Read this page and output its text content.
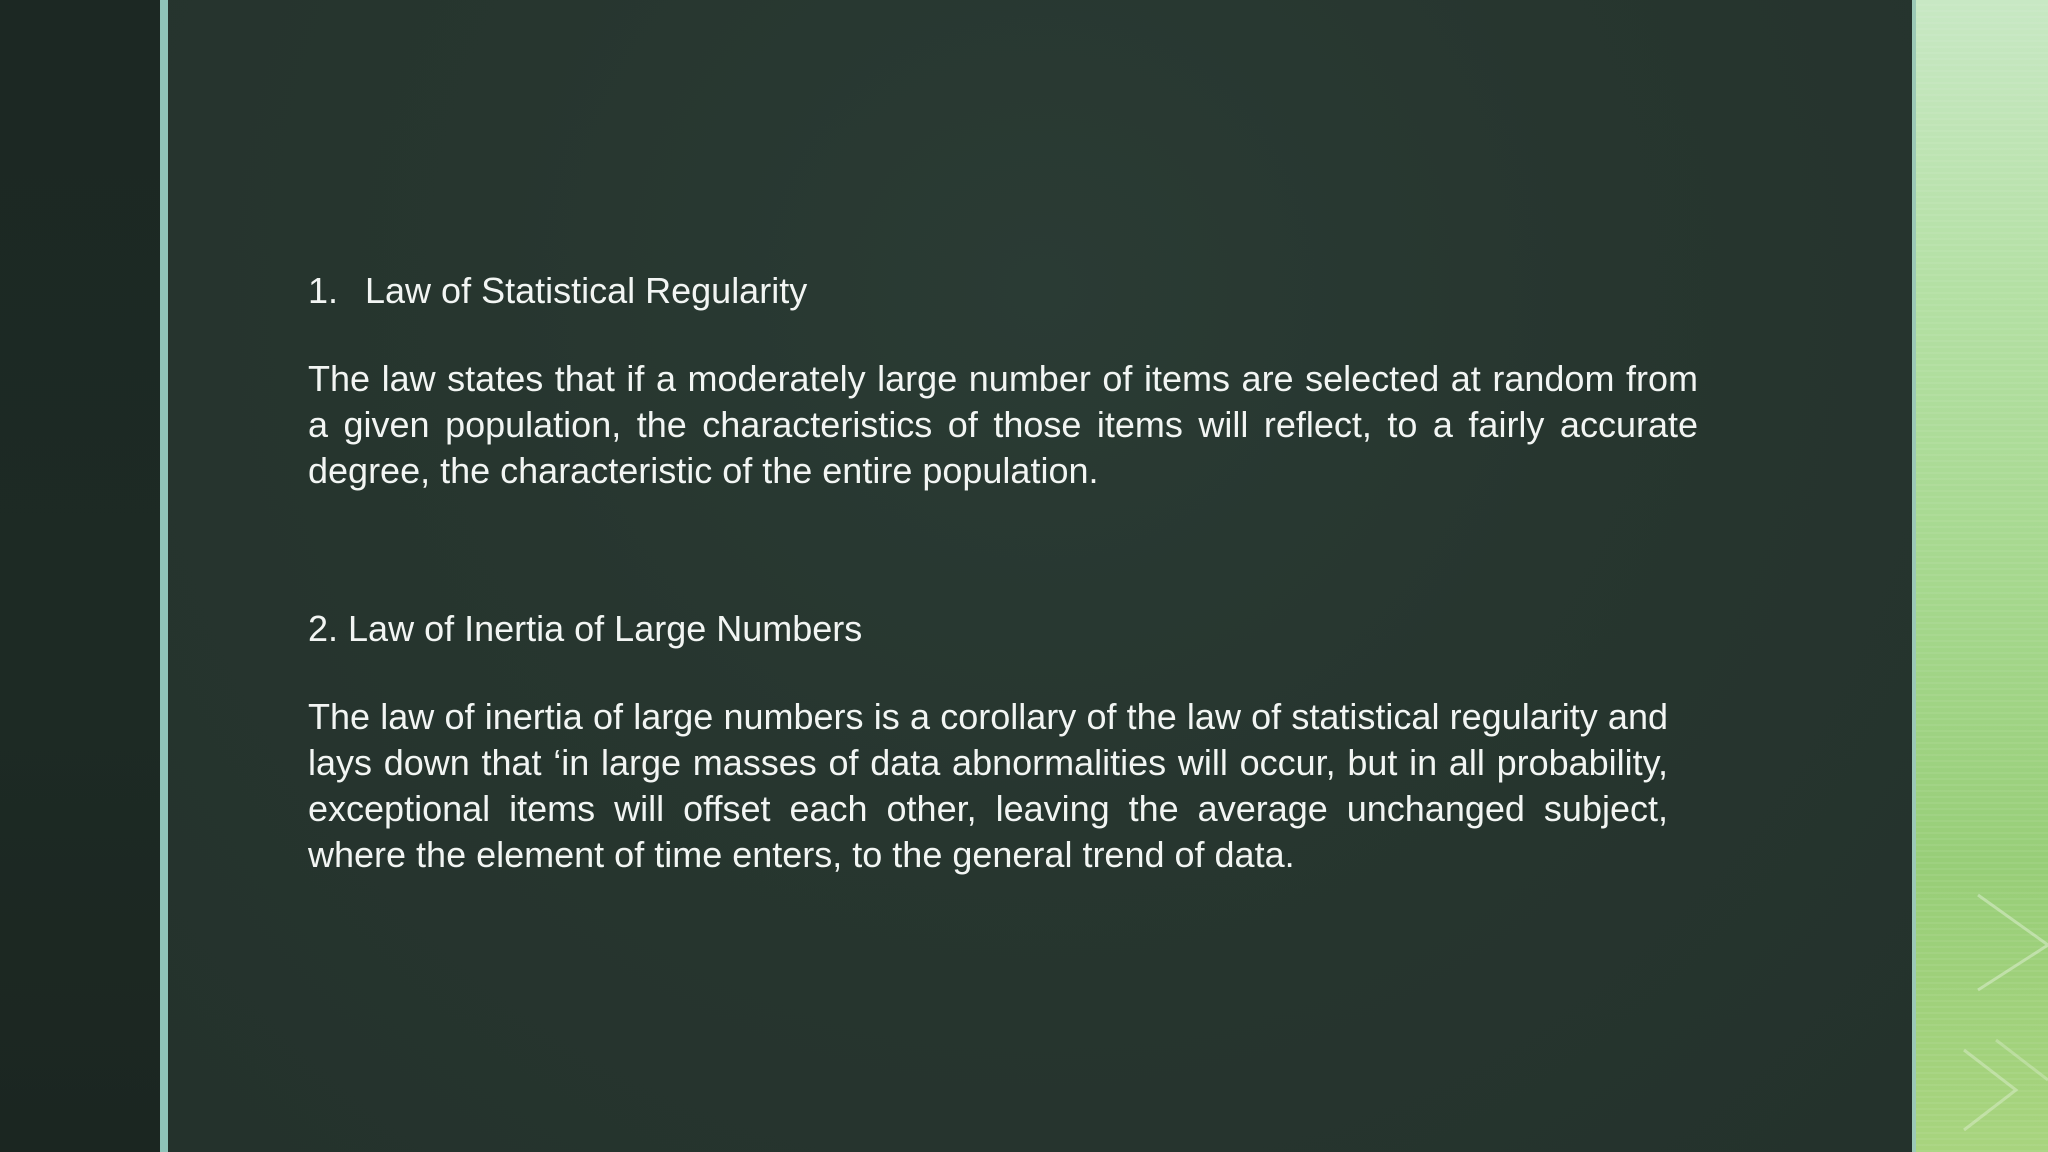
1. Law of Statistical Regularity

The law states that if a moderately large number of items are selected at random from a given population, the characteristics of those items will reflect, to a fairly accurate degree, the characteristic of the entire population.

2. Law of Inertia of Large Numbers

The law of inertia of large numbers is a corollary of the law of statistical regularity and lays down that ‘in large masses of data abnormalities will occur, but in all probability, exceptional items will offset each other, leaving the average unchanged subject, where the element of time enters, to the general trend of data.
